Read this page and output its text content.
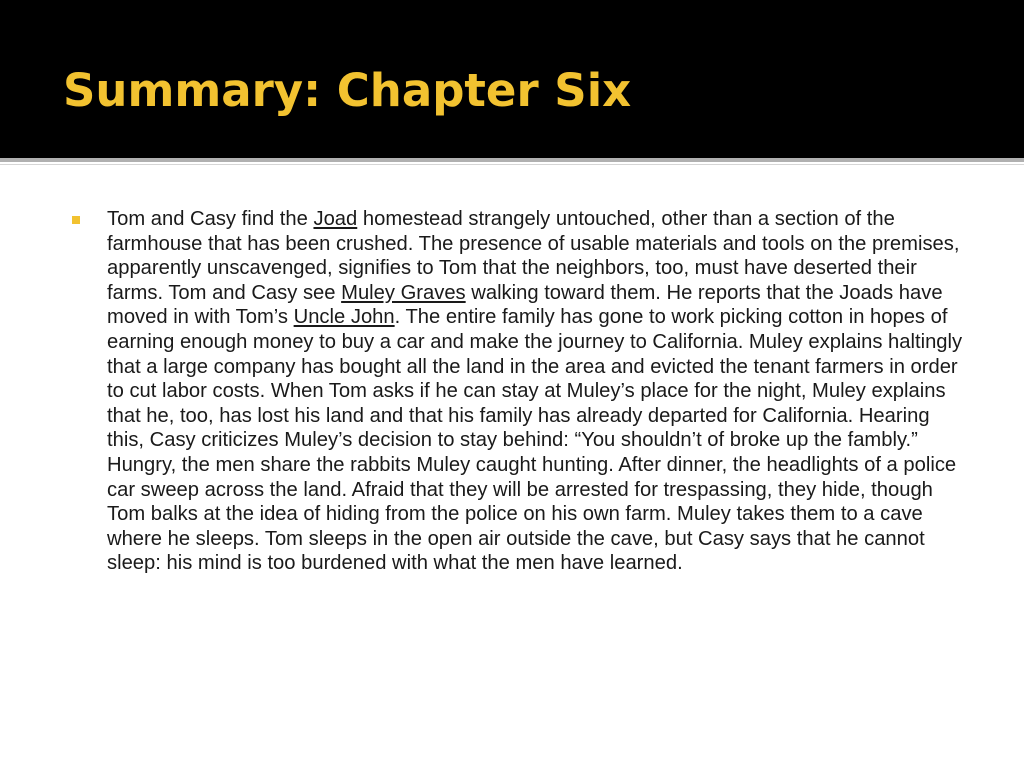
Summary: Chapter Six

Tom and Casy find the Joad homestead strangely untouched, other than a section of the farmhouse that has been crushed. The presence of usable materials and tools on the premises, apparently unscavenged, signifies to Tom that the neighbors, too, must have deserted their farms. Tom and Casy see Muley Graves walking toward them. He reports that the Joads have moved in with Tom’s Uncle John. The entire family has gone to work picking cotton in hopes of earning enough money to buy a car and make the journey to California. Muley explains haltingly that a large company has bought all the land in the area and evicted the tenant farmers in order to cut labor costs. When Tom asks if he can stay at Muley’s place for the night, Muley explains that he, too, has lost his land and that his family has already departed for California. Hearing this, Casy criticizes Muley’s decision to stay behind: “You shouldn’t of broke up the fambly.” Hungry, the men share the rabbits Muley caught hunting. After dinner, the headlights of a police car sweep across the land. Afraid that they will be arrested for trespassing, they hide, though Tom balks at the idea of hiding from the police on his own farm. Muley takes them to a cave where he sleeps. Tom sleeps in the open air outside the cave, but Casy says that he cannot sleep: his mind is too burdened with what the men have learned.
